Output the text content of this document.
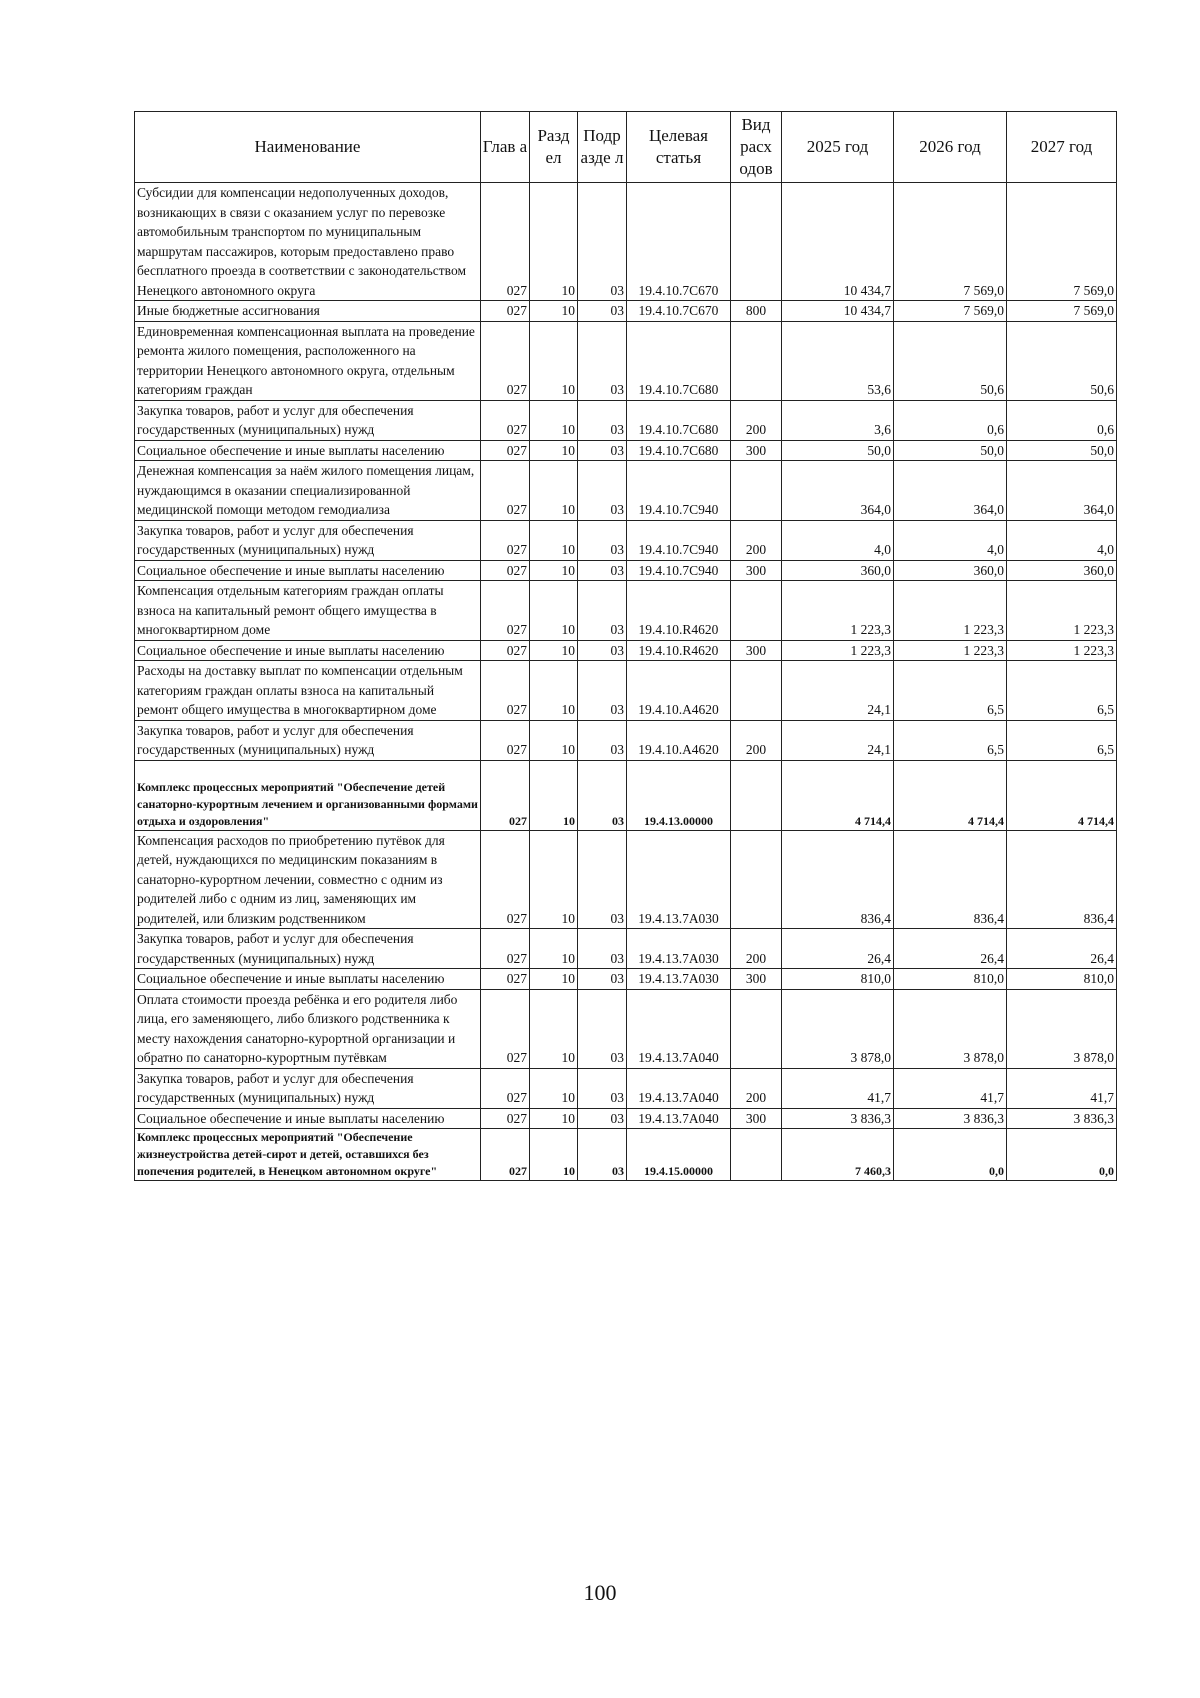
Наименование	Глав а	Разд ел	Подр азде л	Целевая статья	Вид расх одов	2025 год	2026 год	2027 год
Субсидии для компенсации недополученных доходов, возникающих в связи с оказанием услуг по перевозке автомобильным транспортом по муниципальным маршрутам пассажиров, которым предоставлено право бесплатного проезда в соответствии с законодательством Ненецкого автономного округа	027	10	03	19.4.10.7С670		10 434,7	7 569,0	7 569,0
Иные бюджетные ассигнования	027	10	03	19.4.10.7С670	800	10 434,7	7 569,0	7 569,0
Единовременная компенсационная выплата на проведение ремонта жилого помещения, расположенного на территории Ненецкого автономного округа, отдельным категориям граждан	027	10	03	19.4.10.7С680		53,6	50,6	50,6
Закупка товаров, работ и услуг для обеспечения государственных (муниципальных) нужд	027	10	03	19.4.10.7С680	200	3,6	0,6	0,6
Социальное обеспечение и иные выплаты населению	027	10	03	19.4.10.7С680	300	50,0	50,0	50,0
Денежная компенсация за наём жилого помещения лицам, нуждающимся в оказании специализированной медицинской помощи методом гемодиализа	027	10	03	19.4.10.7С940		364,0	364,0	364,0
Закупка товаров, работ и услуг для обеспечения государственных (муниципальных) нужд	027	10	03	19.4.10.7С940	200	4,0	4,0	4,0
Социальное обеспечение и иные выплаты населению	027	10	03	19.4.10.7С940	300	360,0	360,0	360,0
Компенсация отдельным категориям граждан оплаты взноса на капитальный ремонт общего имущества в многоквартирном доме	027	10	03	19.4.10.R4620		1 223,3	1 223,3	1 223,3
Социальное обеспечение и иные выплаты населению	027	10	03	19.4.10.R4620	300	1 223,3	1 223,3	1 223,3
Расходы на доставку выплат по компенсации отдельным категориям граждан оплаты взноса на капитальный ремонт общего имущества в многоквартирном доме	027	10	03	19.4.10.А4620		24,1	6,5	6,5
Закупка товаров, работ и услуг для обеспечения государственных (муниципальных) нужд	027	10	03	19.4.10.А4620	200	24,1	6,5	6,5
Комплекс процессных мероприятий "Обеспечение детей санаторно-курортным лечением и организованными формами отдыха и оздоровления"	027	10	03	19.4.13.00000		4 714,4	4 714,4	4 714,4
Компенсация расходов по приобретению путёвок для детей, нуждающихся по медицинским показаниям в санаторно-курортном лечении, совместно с одним из родителей либо с одним из лиц, заменяющих им родителей, или близким родственником	027	10	03	19.4.13.7А030		836,4	836,4	836,4
Закупка товаров, работ и услуг для обеспечения государственных (муниципальных) нужд	027	10	03	19.4.13.7А030	200	26,4	26,4	26,4
Социальное обеспечение и иные выплаты населению	027	10	03	19.4.13.7А030	300	810,0	810,0	810,0
Оплата стоимости проезда ребёнка и его родителя либо лица, его заменяющего, либо близкого родственника к месту нахождения санаторно-курортной организации и обратно по санаторно-курортным путёвкам	027	10	03	19.4.13.7А040		3 878,0	3 878,0	3 878,0
Закупка товаров, работ и услуг для обеспечения государственных (муниципальных) нужд	027	10	03	19.4.13.7А040	200	41,7	41,7	41,7
Социальное обеспечение и иные выплаты населению	027	10	03	19.4.13.7А040	300	3 836,3	3 836,3	3 836,3
Комплекс процессных мероприятий "Обеспечение жизнеустройства детей-сирот и детей, оставшихся без попечения родителей, в Ненецком автономном округе"	027	10	03	19.4.15.00000		7 460,3	0,0	0,0
100
